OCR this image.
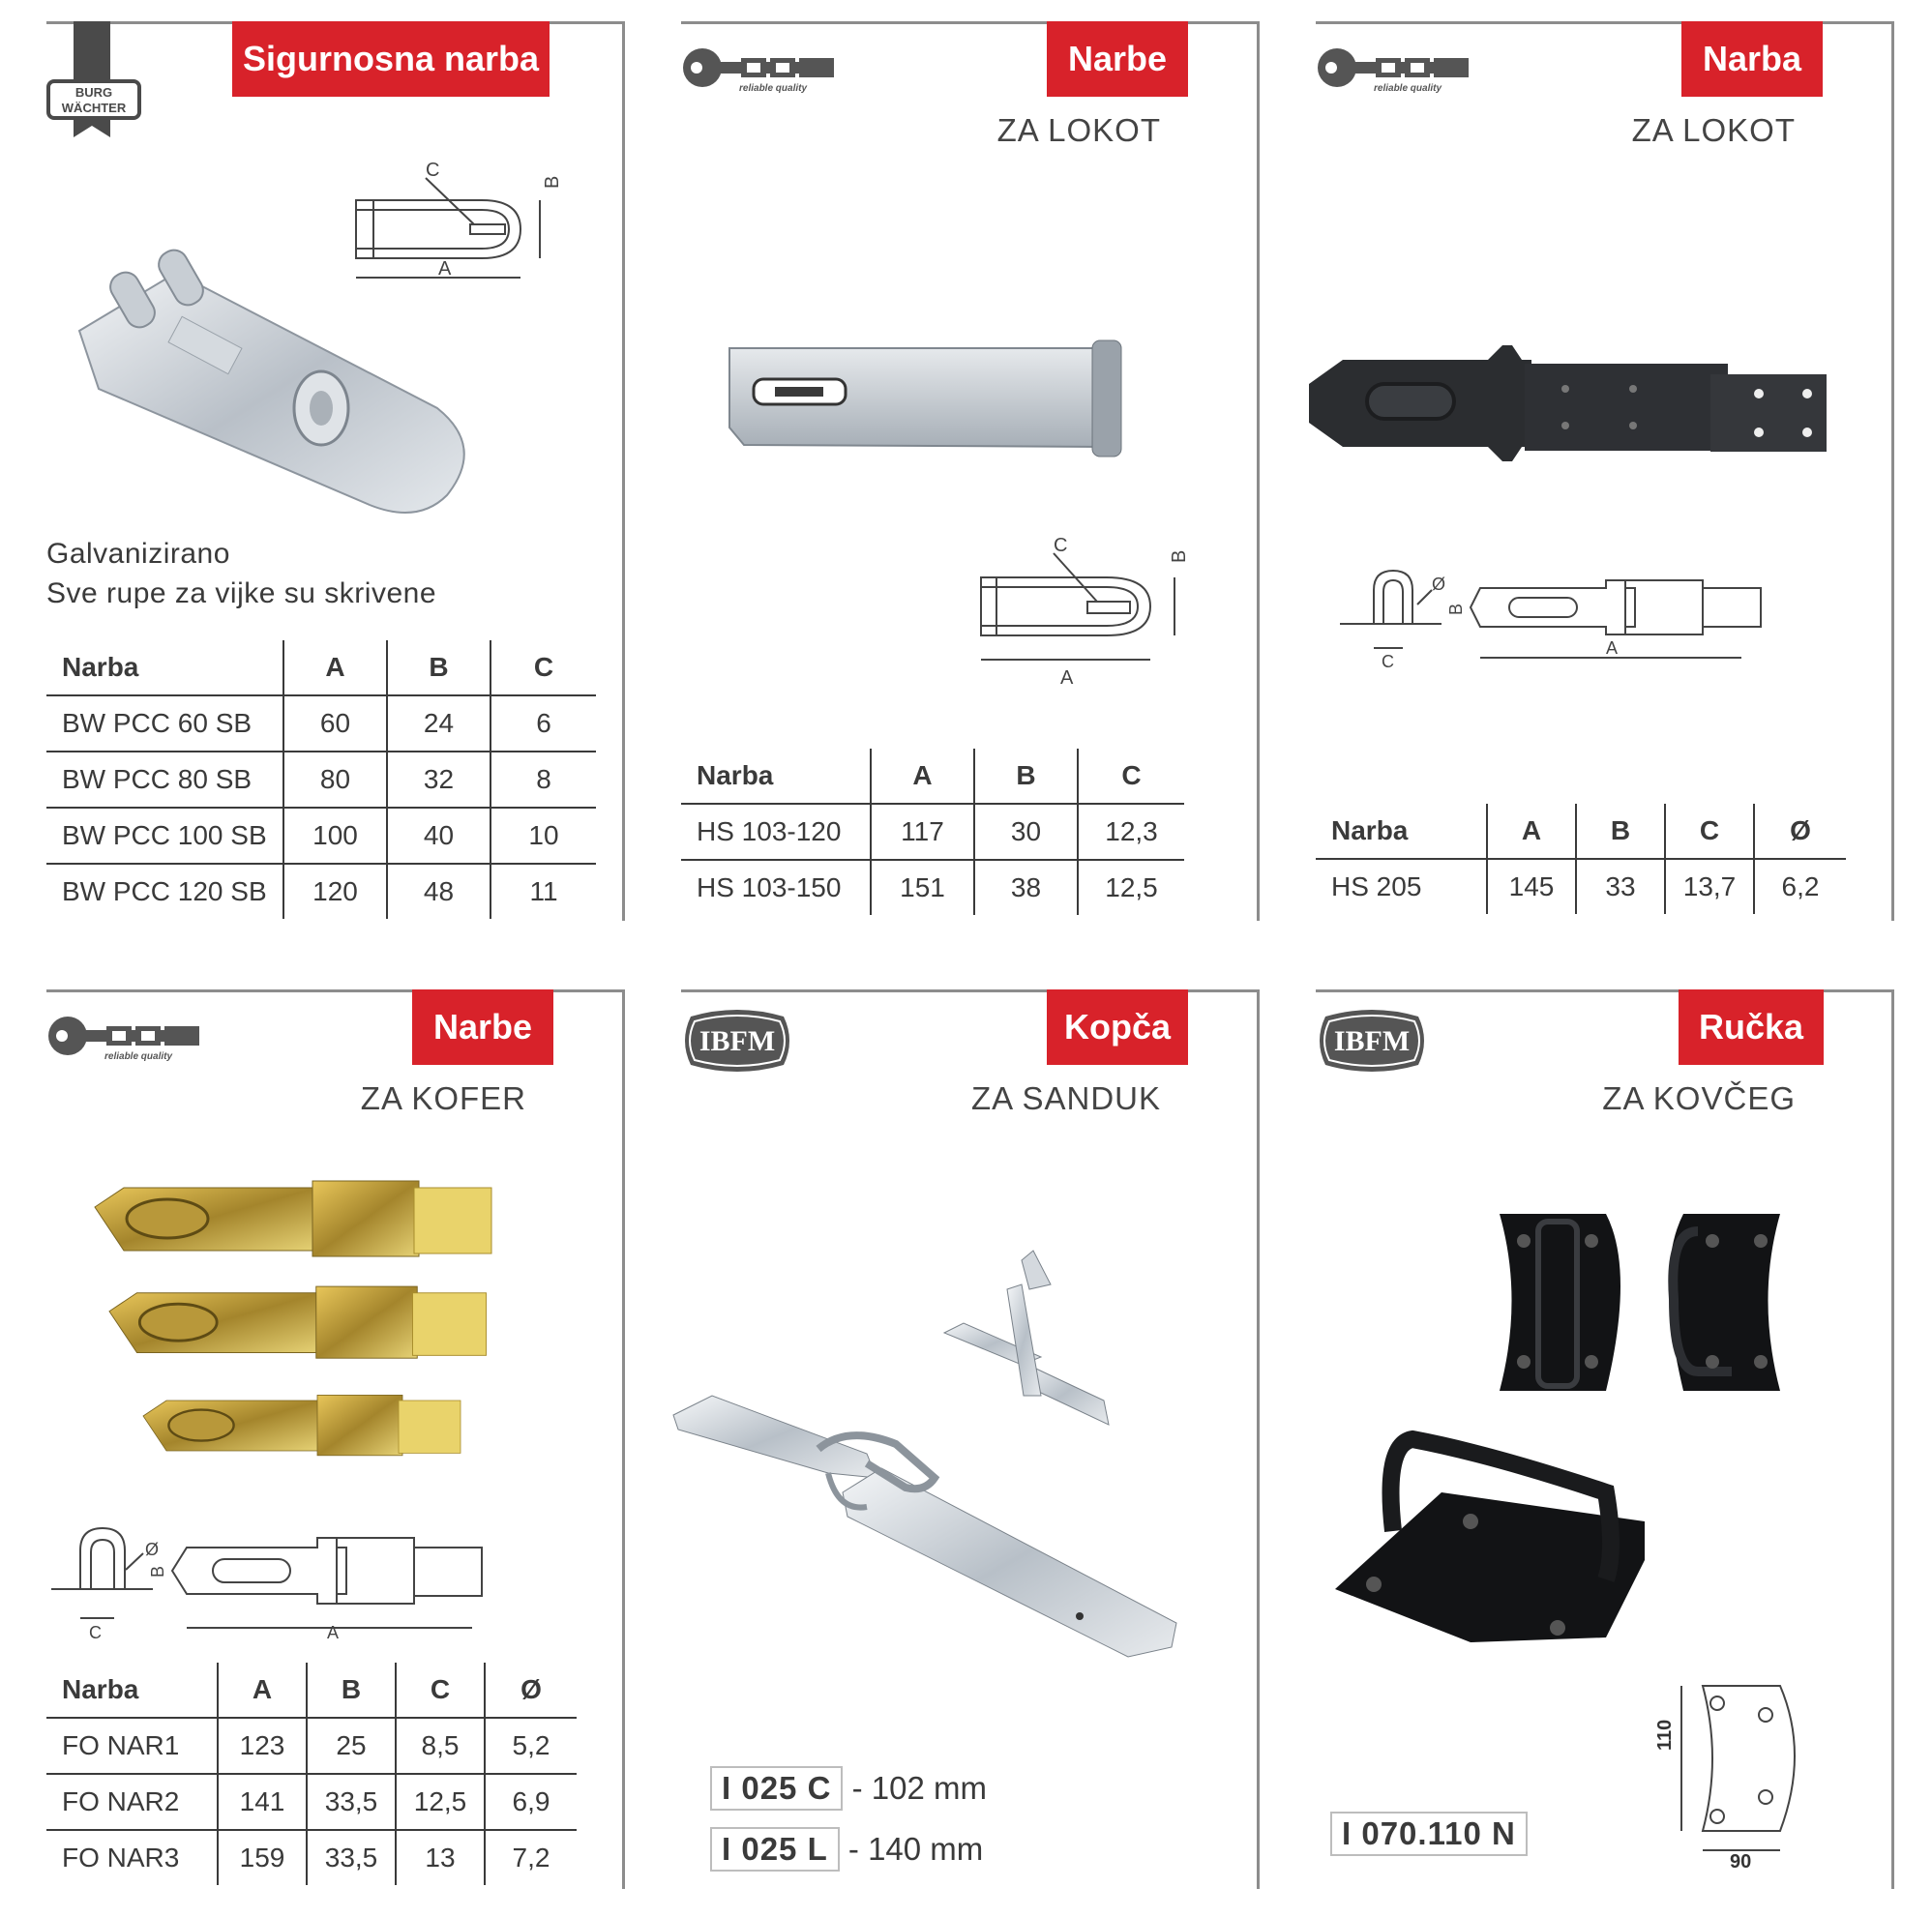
BURG
WÄCHTER
Sigurnosna narba
C
B
A
Galvanizirano
Sve rupe za vijke su skrivene
Narba	A	B	C
BW PCC 60 SB	60	24	6
BW PCC 80 SB	80	32	8
BW PCC 100 SB	100	40	10
BW PCC 120 SB	120	48	11
reliable quality
Narbe
ZA LOKOT
C
B
A
Narba	A	B	C
HS 103-120	117	30	12,3
HS 103-150	151	38	12,5
reliable quality
Narba
ZA LOKOT
Ø
B
C
A
Narba	A	B	C	Ø
HS 205	145	33	13,7	6,2
reliable quality
Narbe
ZA KOFER
Ø
B
C	A
Narba	A	B	C	Ø
FO NAR1	123	25	8,5	5,2
FO NAR2	141	33,5	12,5	6,9
FO NAR3	159	33,5	13	7,2
IBFM	Kopča
ZA SANDUK
I 025 C - 102 mm
I 025 L - 140 mm
IBFM	Ručka
ZA KOVČEG
110
90
I 070.110 N
